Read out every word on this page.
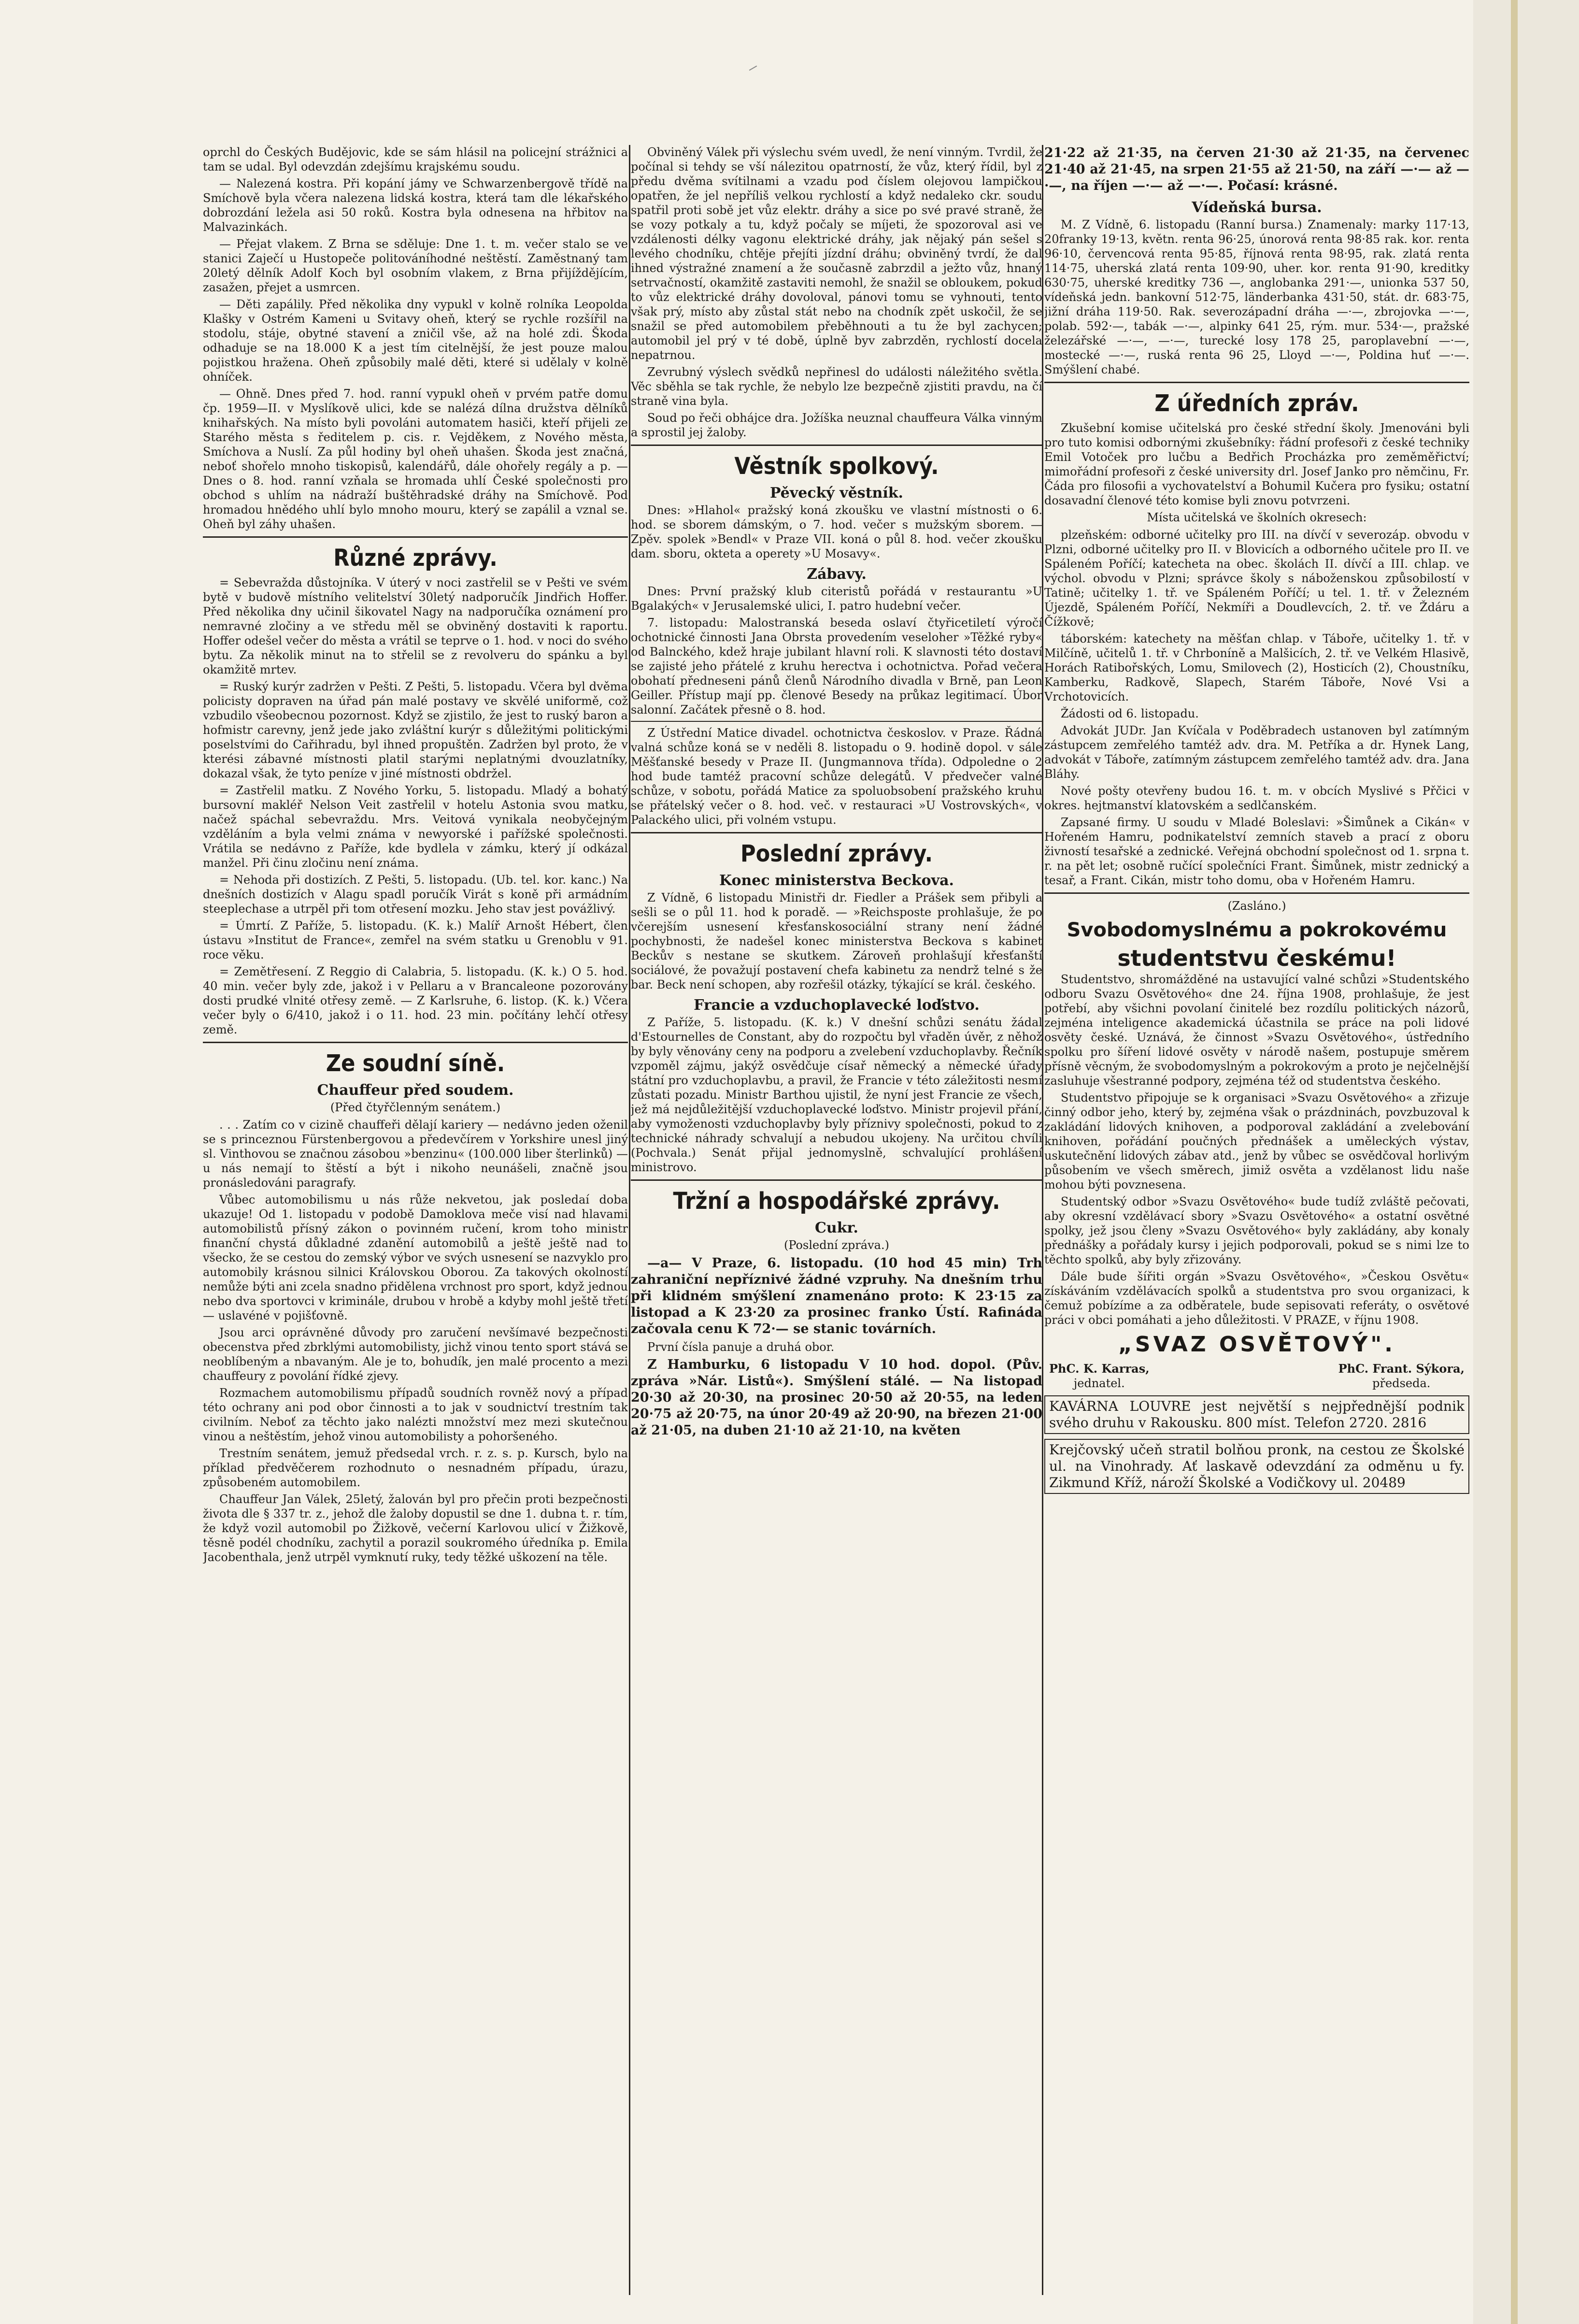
oprchl do Českých Budějovic, kde se sám hlásil na policejní strážnici a tam se udal. Byl odevzdán zdejšímu krajskému soudu.

— Nalezená kostra. Při kopání jámy ve Schwarzenbergově třídě na Smíchově byla včera nalezena lidská kostra, která tam dle lékařského dobrozdání ležela asi 50 roků. Kostra byla odnesena na hřbitov na Malvazinkách.

— Přejat vlakem. Z Brna se sděluje: Dne 1. t. m. večer stalo se ve stanici Zaječí u Hustopeče politováníhodné neštěstí. Zaměstnaný tam 20letý dělník Adolf Koch byl osobním vlakem, z Brna přijíždějícím, zasažen, přejet a usmrcen.

— Děti zapálily. Před několika dny vypukl v kolně rolníka Leopolda Klašky v Ostrém Kameni u Svitavy oheň, který se rychle rozšířil na stodolu, stáje, obytné stavení a zničil vše, až na holé zdi. Škoda odhaduje se na 18.000 K a jest tím citelnější, že jest pouze malou pojistkou hražena. Oheň způsobily malé děti, které si udělaly v kolně ohníček.

— Ohně. Dnes před 7. hod. ranní vypukl oheň v prvém patře domu čp. 1959—II. v Myslíkově ulici, kde se nalézá dílna družstva dělníků knihařských. Na místo byli povoláni automatem hasiči, kteří přijeli ze Starého města s ředitelem p. cis. r. Vejděkem, z Nového města, Smíchova a Nuslí. Za půl hodiny byl oheň uhašen. Škoda jest značná, neboť shořelo mnoho tiskopisů, kalendářů, dále ohořely regály a p. — Dnes o 8. hod. ranní vzňala se hromada uhlí České společnosti pro obchod s uhlím na nádraží buštěhradské dráhy na Smíchově. Pod hromadou hnědého uhlí bylo mnoho mouru, který se zapálil a vznal se. Oheň byl záhy uhašen.

Různé zprávy.

= Sebevražda důstojníka. V úterý v noci zastřelil se v Pešti ve svém bytě v budově místního velitelství 30letý nadporučík Jindřich Hoffer. Před několika dny učinil šikovatel Nagy na nadporučíka oznámení pro nemravné zločiny a ve středu měl se obviněný dostaviti k raportu. Hoffer odešel večer do města a vrátil se teprve o 1. hod. v noci do svého bytu. Za několik minut na to střelil se z revolveru do spánku a byl okamžitě mrtev.

= Ruský kurýr zadržen v Pešti. Z Pešti, 5. listopadu. Včera byl dvěma policisty dopraven na úřad pán malé postavy ve skvělé uniformě, což vzbudilo všeobecnou pozornost. Když se zjistilo, že jest to ruský baron a hofmistr carevny, jenž jede jako zvláštní kurýr s důležitými politickými poselstvími do Cařihradu, byl ihned propuštěn. Zadržen byl proto, že v kterési zábavné místnosti platil starými neplatnými dvouzlatníky, dokazal však, že tyto peníze v jiné místnosti obdržel.

= Zastřelil matku. Z Nového Yorku, 5. listopadu. Mladý a bohatý bursovní makléř Nelson Veit zastřelil v hotelu Astonia svou matku, načež spáchal sebevraždu. Mrs. Veitová vynikala neobyčejným vzděláním a byla velmi známa v newyorské i pařížské společnosti. Vrátila se nedávno z Paříže, kde bydlela v zámku, který jí odkázal manžel. Při činu zločinu není známa.

= Nehoda při dostizích. Z Pešti, 5. listopadu. (Ub. tel. kor. kanc.) Na dnešních dostizích v Alagu spadl poručík Virát s koně při armádním steeplechase a utrpěl při tom otřesení mozku. Jeho stav jest povážlivý.

= Úmrtí. Z Paříže, 5. listopadu. (K. k.) Malíř Arnošt Hébert, člen ústavu »Institut de France«, zemřel na svém statku u Grenoblu v 91. roce věku.

= Zemětřesení. Z Reggio di Calabria, 5. listopadu. (K. k.) O 5. hod. 40 min. večer byly zde, jakož i v Pellaru a v Brancaleone pozorovány dosti prudké vlnité otřesy země. — Z Karlsruhe, 6. listop. (K. k.) Včera večer byly o 6/410, jakož i o 11. hod. 23 min. počítány lehčí otřesy země.

Ze soudní síně.
Chauffeur před soudem.
(Před čtyřčlenným senátem.)

. . . Zatím co v cizině chauffeři dělají kariery — nedávno jeden oženil se s princeznou Fürstenbergovou a předevčírem v Yorkshire unesl jiný sl. Vinthovou se značnou zásobou »benzinu« (100.000 liber šterlinků) — u nás nemají to štěstí a být i nikoho neunášeli, značně jsou pronásledováni paragrafy.

Vůbec automobilismu u nás růže nekvetou, jak posledaí doba ukazuje! Od 1. listopadu v podobě Damoklova meče visí nad hlavami automobilistů přísný zákon o povinném ručení, krom toho ministr finanční chystá důkladné zdanění automobilů a ještě ještě nad to všecko, že se cestou do zemský výbor ve svých usnesení se nazvyklo pro automobily krásnou silnici Královskou Oborou. Za takových okolností nemůže býti ani zcela snadno přidělena vrchnost pro sport, když jednou nebo dva sportovci v kriminále, drubou v hrobě a kdyby mohl ještě třetí — uslavéné v pojišťovně.

Jsou arci oprávněné důvody pro zaručení nevšímavé bezpečnosti obecenstva před zbrklými automobilisty, jichž vinou tento sport stává se neoblíbeným a nbavaným. Ale je to, bohudík, jen malé procento a mezi chauffeury z povolání řídké zjevy.

Rozmachem automobilismu případů soudních rovněž nový a případ této ochrany ani pod obor činnosti a to jak v soudnictví trestním tak civilním. Neboť za těchto jako nalézti množství mez mezi skutečnou vinou a neštěstím, jehož vinou automobilisty a pohoršeného.

Trestním senátem, jemuž předsedal vrch. r. z. s. p. Kursch, bylo na příklad předvěčerem rozhodnuto o nesnadném případu, úrazu, způsobeném automobilem.

Chauffeur Jan Válek, 25letý, žalován byl pro přečin proti bezpečnosti života dle § 337 tr. z., jehož dle žaloby dopustil se dne 1. dubna t. r. tím, že když vozil automobil po Žižkově, večerní Karlovou ulicí v Žižkově, těsně podél chodníku, zachytil a porazil soukromého úředníka p. Emila Jacobenthala, jenž utrpěl vymknutí ruky, tedy těžké uškození na těle.

Obviněný Válek při výslechu svém uvedl, že není vinným. Tvrdil, že počínal si tehdy se vší nálezitou opatrností, že vůz, který řídil, byl z předu dvěma svítilnami a vzadu pod číslem olejovou lampičkou opatřen, že jel nepříliš velkou rychlostí a když nedaleko ckr. soudu spatřil proti sobě jet vůz elektr. dráhy a sice po své pravé straně, že se vozy potkaly a tu, když počaly se míjeti, že spozoroval asi ve vzdálenosti délky vagonu elektrické dráhy, jak nějaký pán sešel s levého chodníku, chtěje přejíti jízdní dráhu; obviněný tvrdí, že dal ihned výstražné znamení a že současně zabrzdil a ježto vůz, hnaný setrvačností, okamžitě zastaviti nemohl, že snažil se obloukem, pokud to vůz elektrické dráhy dovoloval, pánovi tomu se vyhnouti, tento však prý, místo aby zůstal stát nebo na chodník zpět uskočil, že se snažil se před automobilem přeběhnouti a tu že byl zachycen; automobil jel prý v té době, úplně byv zabrzděn, rychlostí docela nepatrnou.

Zevrubný výslech svědků nepřinesl do události náležitého světla. Věc sběhla se tak rychle, že nebylo lze bezpečně zjistiti pravdu, na čí straně vina byla.

Soud po řeči obhájce dra. Jožíška neuznal chauffeura Válka vinným a sprostil jej žaloby.

Věstník spolkový.
Pěvecký věstník.

Dnes: »Hlahol« pražský koná zkoušku ve vlastní místnosti o 6. hod. se sborem dámským, o 7. hod. večer s mužským sborem. — Zpěv. spolek »Bendl« v Praze VII. koná o půl 8. hod. večer zkoušku dam. sboru, okteta a operety »U Mosavy«.

Zábavy.

Dnes: První pražský klub citeristů pořádá v restaurantu »U Bgalakých« v Jerusalemské ulici, I. patro hudební večer.

7. listopadu: Malostranská beseda oslaví čtyřicetiletí výročí ochotnické činnosti Jana Obrsta provedením veseloher »Těžké ryby« od Balnckého, kdež hraje jubilant hlavní roli. K slavnosti této dostaví se zajisté jeho přátelé z kruhu herectva i ochotnictva. Pořad večera obohatí předneseni pánů členů Národního divadla v Brně, pan Leon Geiller. Přístup mají pp. členové Besedy na průkaz legitimací. Úbor salonní. Začátek přesně o 8. hod.

Z Ústřední Matice divadel. ochotnictva českoslov. v Praze. Řádná valná schůze koná se v neděli 8. listopadu o 9. hodině dopol. v sále Měšťanské besedy v Praze II. (Jungmannova třída). Odpoledne o 2 hod bude tamtéž pracovní schůze delegátů. V předvečer valné schůze, v sobotu, pořádá Matice za spoluobsobení pražského kruhu se přátelský večer o 8. hod. več. v restauraci »U Vostrovských«, v Palackého ulici, při volném vstupu.

Poslední zprávy.
Konec ministerstva Beckova.

Z Vídně, 6 listopadu Ministři dr. Fiedler a Prášek sem přibyli a sešli se o půl 11. hod k poradě. — »Reichsposte prohlašuje, že po včerejším usnesení křesťanskosociální strany není žádné pochybnosti, že nadešel konec ministerstva Beckova s kabinet Beckův s nestane se skutkem. Zároveň prohlašují křesťanští sociálové, že považují postavení chefa kabinetu za nendrž telné s že bar. Beck není schopen, aby rozřešil otázky, týkající se král. českého.

Francie a vzduchoplavecké loďstvo.

Z Paříže, 5. listopadu. (K. k.) V dnešní schůzi senátu žádal d'Estournelles de Constant, aby do rozpočtu byl vřaděn úvěr, z něhož by byly věnovány ceny na podporu a zvelebení vzduchoplavby. Řečník vzpoměl zájmu, jakýž osvědčuje císař německý a německé úřady státní pro vzduchoplavbu, a pravil, že Francie v této záležitosti nesmí zůstati pozadu. Ministr Barthou ujistil, že nyní jest Francie ze všech, jež má nejdůležitější vzduchoplavecké loďstvo. Ministr projevil přání, aby vymoženosti vzduchoplavby byly příznivy společnosti, pokud to z technické náhrady schvalují a nebudou ukojeny. Na určitou chvíli (Pochvala.) Senát přijal jednomyslně, schvalující prohlášení ministrovo.

Tržní a hospodářské zprávy.
Cukr.
(Poslední zpráva.)

—a— V Praze, 6. listopadu. (10 hod 45 min) Trh zahraniční nepříznivé žádné vzpruhy. Na dnešním trhu při klidném smýšlení znamenáno proto: K 23·15 za listopad a K 23·20 za prosinec franko Ústí. Rafináda začovala cenu K 72·— se stanic továrních.

První čísla panuje a druhá obor.

Z Hamburku, 6 listopadu V 10 hod. dopol. (Pův. zpráva »Nár. Listů«). Smýšlení stálé. — Na listopad 20·30 až 20·30, na prosinec 20·50 až 20·55, na leden 20·75 až 20·75, na únor 20·49 až 20·90, na březen 21·00 až 21·05, na duben 21·10 až 21·10, na květen

21·22 až 21·35, na červen 21·30 až 21·35, na červenec 21·40 až 21·45, na srpen 21·55 až 21·50, na září —·— až —·—, na říjen —·— až —·—. Počasí: krásné.

Vídeňská bursa.

M. Z Vídně, 6. listopadu (Ranní bursa.) Znamenaly: marky 117·13, 20franky 19·13, květn. renta 96·25, únorová renta 98·85 rak. kor. renta 96·10, červencová renta 95·85, říjnová renta 98·95, rak. zlatá renta 114·75, uherská zlatá renta 109·90, uher. kor. renta 91·90, kreditky 630·75, uherské kreditky 736 —, anglobanka 291·—, unionka 537 50, vídeňská jedn. bankovní 512·75, länderbanka 431·50, stát. dr. 683·75, jižní dráha 119·50. Rak. severozápadní dráha —·—, zbrojovka —·—, polab. 592·—, tabák —·—, alpinky 641 25, rým. mur. 534·—, pražské železářské —·—, —·—, turecké losy 178 25, paroplavební —·—, mostecké —·—, ruská renta 96 25, Lloyd —·—, Poldina huť —·—. Smýšlení chabé.

Z úředních zpráv.

Zkušební komise učitelská pro české střední školy. Jmenováni byli pro tuto komisi odbornými zkušebníky: řádní profesoři z české techniky Emil Votoček pro lučbu a Bedřich Procházka pro zeměměřictví; mimořádní profesoři z české university drl. Josef Janko pro němčinu, Fr. Čáda pro filosofii a vychovatelství a Bohumil Kučera pro fysiku; ostatní dosavadní členové této komise byli znovu potvrzeni.

Místa učitelská ve školních okresech:

plzeňském: odborné učitelky pro III. na dívčí v severozáp. obvodu v Plzni, odborné učitelky pro II. v Blovicích a odborného učitele pro II. ve Spáleném Poříčí; katecheta na obec. školách II. dívčí a III. chlap. ve výchol. obvodu v Plzni; správce školy s náboženskou způsobilostí v Tatině; učitelky 1. tř. ve Spáleném Poříčí; u tel. 1. tř. v Železném Újezdě, Spáleném Poříčí, Nekmíři a Doudlevcích, 2. tř. ve Ždáru a Čížkově;

táborském: katechety na měšťan chlap. v Táboře, učitelky 1. tř. v Milčíně, učitelů 1. tř. v Chrboníně a Malšicích, 2. tř. ve Velkém Hlasivě, Horách Ratibořských, Lomu, Smilovech (2), Hosticích (2), Choustníku, Kamberku, Radkově, Slapech, Starém Táboře, Nové Vsi a Vrchotovicích.

Žádosti od 6. listopadu.

Advokát JUDr. Jan Kvíčala v Poděbradech ustanoven byl zatímným zástupcem zemřelého tamtéž adv. dra. M. Petříka a dr. Hynek Lang, advokát v Táboře, zatímným zástupcem zemřelého tamtéž adv. dra. Jana Bláhy.

Nové pošty otevřeny budou 16. t. m. v obcích Myslivé s Přčici v okres. hejtmanství klatovském a sedlčanském.

Zapsané firmy. U soudu v Mladé Boleslavi: »Šimůnek a Cikán« v Hořeném Hamru, podnikatelství zemních staveb a prací z oboru živností tesařské a zednické. Veřejná obchodní společnost od 1. srpna t. r. na pět let; osobně ručící společníci Frant. Šimůnek, mistr zednický a tesař, a Frant. Cikán, mistr toho domu, oba v Hořeném Hamru.

(Zasláno.)
Svobodomyslnému a pokrokovému
studentstvu českému!

Studentstvo, shromážděné na ustavující valné schůzi »Studentského odboru Svazu Osvětového« dne 24. října 1908, prohlašuje, že jest potřebí, aby všichni povolaní činitelé bez rozdílu politických názorů, zejména inteligence akademická účastnila se práce na poli lidové osvěty české. Uznává, že činnost »Svazu Osvětového«, ústředního spolku pro šíření lidové osvěty v národě našem, postupuje směrem přísně věcným, že svobodomyslným a pokrokovým a proto je nejčelnější zasluhuje všestranné podpory, zejména též od studentstva českého.

Studentstvo připojuje se k organisaci »Svazu Osvětového« a zřizuje činný odbor jeho, který by, zejména však o prázdninách, povzbuzoval k zakládání lidových knihoven, a podporoval zakládání a zvelebování knihoven, pořádání poučných přednášek a uměleckých výstav, uskutečnění lidových zábav atd., jenž by vůbec se osvědčoval horlivým působením ve všech směrech, jimiž osvěta a vzdělanost lidu naše mohou býti povznesena.

Studentský odbor »Svazu Osvětového« bude tudíž zvláště pečovati, aby okresní vzdělávací sbory »Svazu Osvětového« a ostatní osvětné spolky, jež jsou členy »Svazu Osvětového« byly zakládány, aby konaly přednášky a pořádaly kursy i jejich podporovali, pokud se s nimi lze to těchto spolků, aby byly zřizovány.

Dále bude šířiti orgán »Svazu Osvětového«, »Českou Osvětu« získáváním vzdělávacích spolků a studentstva pro svou organizaci, k čemuž pobízíme a za odběratele, bude sepisovati referáty, o osvětové práci v obci pomáhati a jeho důležitosti. V PRAZE, v říjnu 1908.

„SVAZ OSVĚTOVÝ".
PhC. K. Karras,
jednatel.
PhC. Frant. Sýkora,
předseda.
KAVÁRNA LOUVRE jest největší s nejpřednější podnik svého druhu v Rakousku. 800 míst. Telefon 2720. 2816
Krejčovský učeň stratil bolňou pronk, na cestou ze Školské ul. na Vinohrady. Ať laskavě odevzdání za odměnu u fy. Zikmund Kříž, nároží Školské a Vodičkovy ul. 20489
